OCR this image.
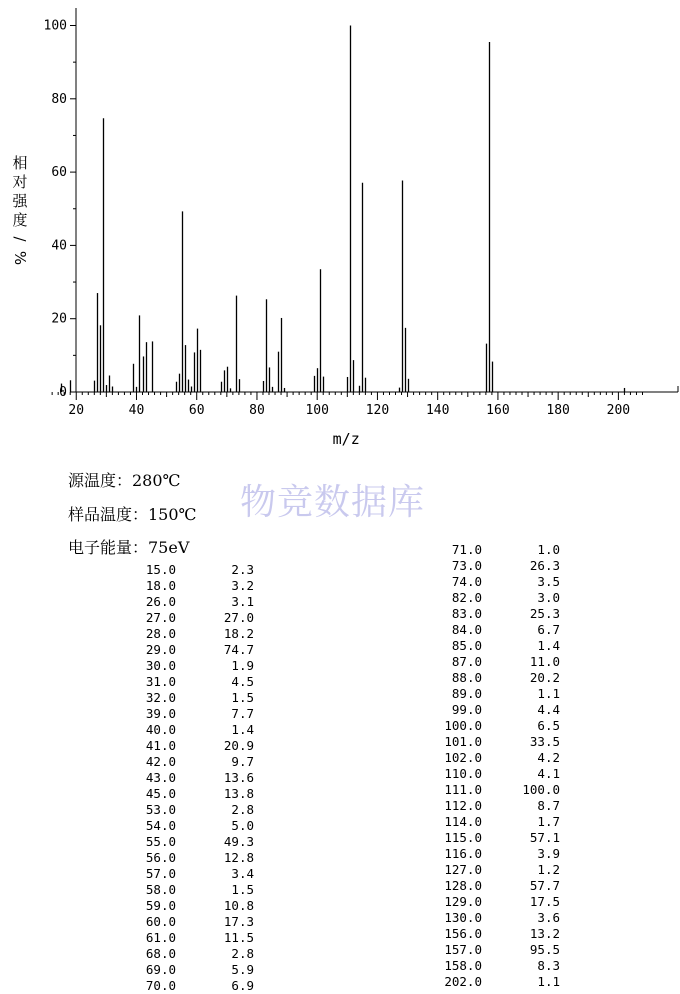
0
20
40
60
80
100
20	40	60	80	100	120	140	160	180	200
m/z
相
对
强
度
/
%
源温度：280℃
样品温度：150℃
电子能量：75eV
物竞数据库
15.0	2.3
18.0	3.2
26.0	3.1
27.0	27.0
28.0	18.2
29.0	74.7
30.0	1.9
31.0	4.5
32.0	1.5
39.0	7.7
40.0	1.4
41.0	20.9
42.0	9.7
43.0	13.6
45.0	13.8
53.0	2.8
54.0	5.0
55.0	49.3
56.0	12.8
57.0	3.4
58.0	1.5
59.0	10.8
60.0	17.3
61.0	11.5
68.0	2.8
69.0	5.9
70.0	6.9
71.0	1.0
73.0	26.3
74.0	3.5
82.0	3.0
83.0	25.3
84.0	6.7
85.0	1.4
87.0	11.0
88.0	20.2
89.0	1.1
99.0	4.4
100.0	6.5
101.0	33.5
102.0	4.2
110.0	4.1
111.0	100.0
112.0	8.7
114.0	1.7
115.0	57.1
116.0	3.9
127.0	1.2
128.0	57.7
129.0	17.5
130.0	3.6
156.0	13.2
157.0	95.5
158.0	8.3
202.0	1.1
